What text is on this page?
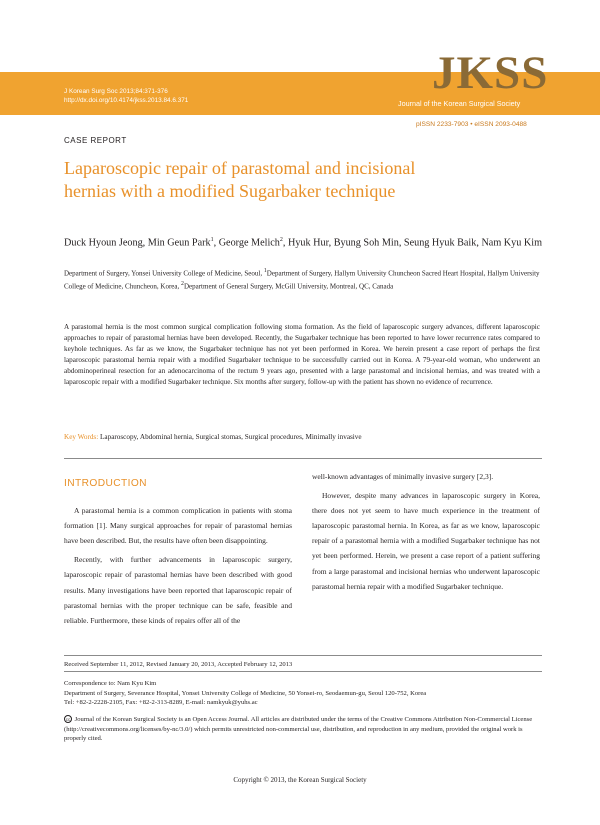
J Korean Surg Soc 2013;84:371-376
http://dx.doi.org/10.4174/jkss.2013.84.6.371
JKSS
Journal of the Korean Surgical Society
pISSN 2233-7903 • eISSN 2093-0488
CASE REPORT
Laparoscopic repair of parastomal and incisional
hernias with a modified Sugarbaker technique
Duck Hyoun Jeong, Min Geun Park$^1$, George Melich$^2$, Hyuk Hur, Byung Soh Min, Seung Hyuk Baik, Nam Kyu Kim
Department of Surgery, Yonsei University College of Medicine, Seoul, $^1$Department of Surgery, Hallym University Chuncheon Sacred Heart Hospital, Hallym University College of Medicine, Chuncheon, Korea, $^2$Department of General Surgery, McGill University, Montreal, QC, Canada

A parastomal hernia is the most common surgical complication following stoma formation. As the field of laparoscopic surgery advances, different laparoscopic approaches to repair of parastomal hernias have been developed. Recently, the Sugarbaker technique has been reported to have lower recurrence rates compared to keyhole techniques. As far as we know, the Sugarbaker technique has not yet been performed in Korea. We herein present a case report of perhaps the first laparoscopic parastomal hernia repair with a modified Sugarbaker technique to be successfully carried out in Korea. A 79-year-old woman, who underwent an abdominoperineal resection for an adenocarcinoma of the rectum 9 years ago, presented with a large parastomal and incisional hernias, and was treated with a laparoscopic repair with a modified Sugarbaker technique. Six months after surgery, follow-up with the patient has shown no evidence of recurrence.

Key Words: Laparoscopy, Abdominal hernia, Surgical stomas, Surgical procedures, Minimally invasive

INTRODUCTION

A parastomal hernia is a common complication in patients with stoma formation [1]. Many surgical approaches for repair of parastomal hernias have been described. But, the results have often been disappointing.

Recently, with further advancements in laparoscopic surgery, laparoscopic repair of parastomal hernias have been described with good results. Many investigations have been reported that laparoscopic repair of parastomal hernias with the proper technique can be safe, feasible and reliable. Furthermore, these kinds of repairs offer all of the

well-known advantages of minimally invasive surgery [2,3].

However, despite many advances in laparoscopic surgery in Korea, there does not yet seem to have much experience in the treatment of laparoscopic parastomal hernia. In Korea, as far as we know, laparoscopic repair of a parastomal hernia with a modified Sugarbaker technique has not yet been performed. Herein, we present a case report of a patient suffering from a large parastomal and incisional hernias who underwent laparoscopic parastomal hernia repair with a modified Sugarbaker technique.

Received September 11, 2012, Revised January 20, 2013, Accepted February 12, 2013
Correspondence to: Nam Kyu Kim
Department of Surgery, Severance Hospital, Yonsei University College of Medicine, 50 Yonsei-ro, Seodaemun-gu, Seoul 120-752, Korea
Tel: +82-2-2228-2105, Fax: +82-2-313-8289, E-mail: namkyuk@yuhs.ac
cc Journal of the Korean Surgical Society is an Open Access Journal. All articles are distributed under the terms of the Creative Commons Attribution Non-Commercial License (http://creativecommons.org/licenses/by-nc/3.0/) which permits unrestricted non-commercial use, distribution, and reproduction in any medium, provided the original work is properly cited.
Copyright © 2013, the Korean Surgical Society
